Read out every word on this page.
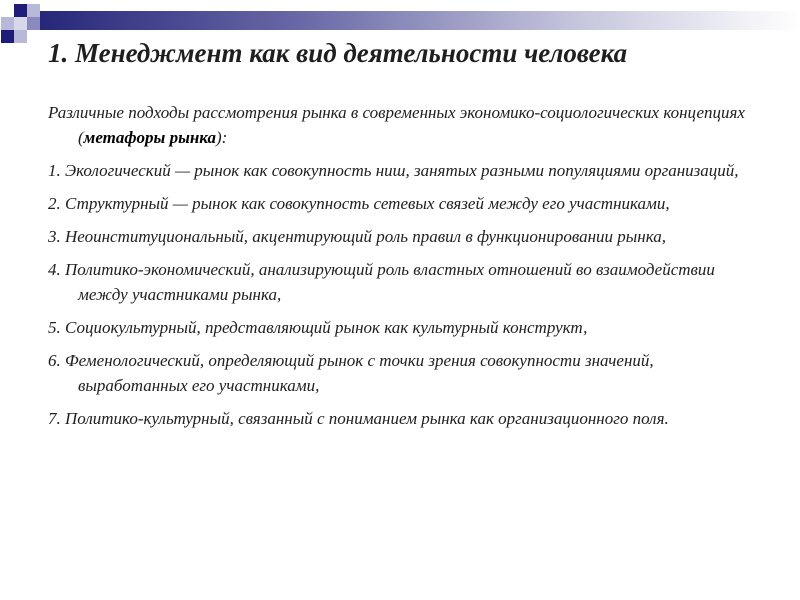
1. Менеджмент как вид деятельности человека

Различные подходы рассмотрения рынка в современных экономико-социологических концепциях (метафоры рынка):

1. Экологический — рынок как совокупность ниш, занятых разными популяциями организаций,

2. Структурный — рынок как совокупность сетевых связей между его участниками,

3. Неоинституциональный, акцентирующий роль правил в функционировании рынка,

4. Политико-экономический, анализирующий роль властных отношений во взаимодействии между участниками рынка,

5. Социокультурный, представляющий рынок как культурный конструкт,

6. Феменологический, определяющий рынок с точки зрения совокупности значений, выработанных его участниками,

7. Политико-культурный, связанный с пониманием рынка как организационного поля.
